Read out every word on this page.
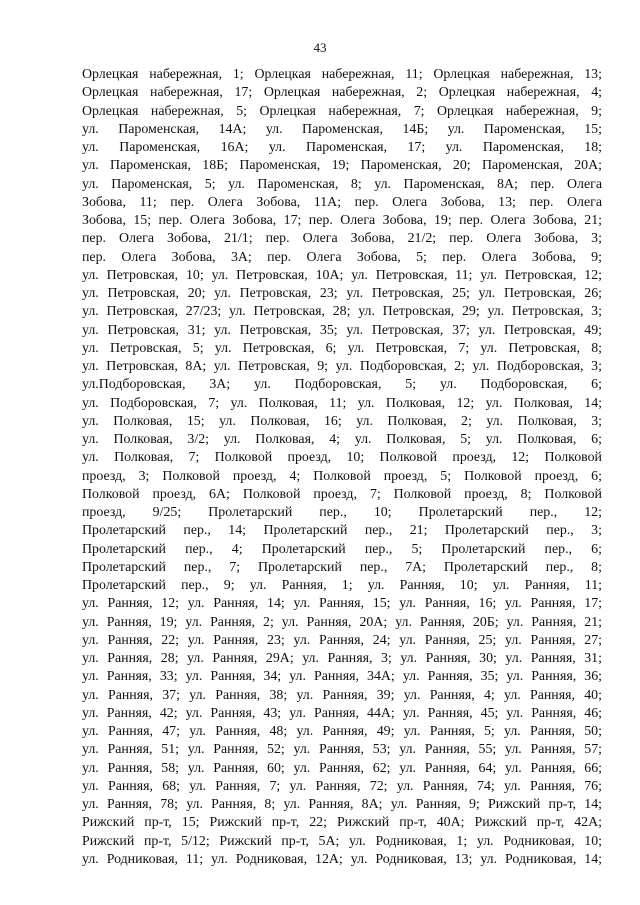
43
Орлецкая набережная, 1; Орлецкая набережная, 11; Орлецкая набережная, 13;
Орлецкая набережная, 17; Орлецкая набережная, 2; Орлецкая набережная, 4;
Орлецкая набережная, 5; Орлецкая набережная, 7; Орлецкая набережная, 9;
ул. Пароменская, 14А; ул. Пароменская, 14Б; ул. Пароменская, 15;
ул. Пароменская, 16А; ул. Пароменская, 17; ул. Пароменская, 18;
ул. Пароменская, 18Б; Пароменская, 19; Пароменская, 20; Пароменская, 20А;
ул. Пароменская, 5; ул. Пароменская, 8; ул. Пароменская, 8А; пер. Олега
Зобова, 11; пер. Олега Зобова, 11А; пер. Олега Зобова, 13; пер. Олега
Зобова, 15; пер. Олега Зобова, 17; пер. Олега Зобова, 19; пер. Олега Зобова, 21;
пер. Олега Зобова, 21/1; пер. Олега Зобова, 21/2; пер. Олега Зобова, 3;
пер. Олега Зобова, 3А; пер. Олега Зобова, 5; пер. Олега Зобова, 9;
ул. Петровская, 10; ул. Петровская, 10А; ул. Петровская, 11; ул. Петровская, 12;
ул. Петровская, 20; ул. Петровская, 23; ул. Петровская, 25; ул. Петровская, 26;
ул. Петровская, 27/23; ул. Петровская, 28; ул. Петровская, 29; ул. Петровская, 3;
ул. Петровская, 31; ул. Петровская, 35; ул. Петровская, 37; ул. Петровская, 49;
ул. Петровская, 5; ул. Петровская, 6; ул. Петровская, 7; ул. Петровская, 8;
ул. Петровская, 8А; ул. Петровская, 9; ул. Подборовская, 2; ул. Подборовская, 3;
ул.Подборовская, 3А; ул. Подборовская, 5; ул. Подборовская, 6;
ул. Подборовская, 7; ул. Полковая, 11; ул. Полковая, 12; ул. Полковая, 14;
ул. Полковая, 15; ул. Полковая, 16; ул. Полковая, 2; ул. Полковая, 3;
ул. Полковая, 3/2; ул. Полковая, 4; ул. Полковая, 5; ул. Полковая, 6;
ул. Полковая, 7; Полковой проезд, 10; Полковой проезд, 12; Полковой
проезд, 3; Полковой проезд, 4; Полковой проезд, 5; Полковой проезд, 6;
Полковой проезд, 6А; Полковой проезд, 7; Полковой проезд, 8; Полковой
проезд, 9/25; Пролетарский пер., 10; Пролетарский пер., 12;
Пролетарский пер., 14; Пролетарский пер., 21; Пролетарский пер., 3;
Пролетарский пер., 4; Пролетарский пер., 5; Пролетарский пер., 6;
Пролетарский пер., 7; Пролетарский пер., 7А; Пролетарский пер., 8;
Пролетарский пер., 9; ул. Ранняя, 1; ул. Ранняя, 10; ул. Ранняя, 11;
ул. Ранняя, 12; ул. Ранняя, 14; ул. Ранняя, 15; ул. Ранняя, 16; ул. Ранняя, 17;
ул. Ранняя, 19; ул. Ранняя, 2; ул. Ранняя, 20А; ул. Ранняя, 20Б; ул. Ранняя, 21;
ул. Ранняя, 22; ул. Ранняя, 23; ул. Ранняя, 24; ул. Ранняя, 25; ул. Ранняя, 27;
ул. Ранняя, 28; ул. Ранняя, 29А; ул. Ранняя, 3; ул. Ранняя, 30; ул. Ранняя, 31;
ул. Ранняя, 33; ул. Ранняя, 34; ул. Ранняя, 34А; ул. Ранняя, 35; ул. Ранняя, 36;
ул. Ранняя, 37; ул. Ранняя, 38; ул. Ранняя, 39; ул. Ранняя, 4; ул. Ранняя, 40;
ул. Ранняя, 42; ул. Ранняя, 43; ул. Ранняя, 44А; ул. Ранняя, 45; ул. Ранняя, 46;
ул. Ранняя, 47; ул. Ранняя, 48; ул. Ранняя, 49; ул. Ранняя, 5; ул. Ранняя, 50;
ул. Ранняя, 51; ул. Ранняя, 52; ул. Ранняя, 53; ул. Ранняя, 55; ул. Ранняя, 57;
ул. Ранняя, 58; ул. Ранняя, 60; ул. Ранняя, 62; ул. Ранняя, 64; ул. Ранняя, 66;
ул. Ранняя, 68; ул. Ранняя, 7; ул. Ранняя, 72; ул. Ранняя, 74; ул. Ранняя, 76;
ул. Ранняя, 78; ул. Ранняя, 8; ул. Ранняя, 8А; ул. Ранняя, 9; Рижский пр-т, 14;
Рижский пр-т, 15; Рижский пр-т, 22; Рижский пр-т, 40А; Рижский пр-т, 42А;
Рижский пр-т, 5/12; Рижский пр-т, 5А; ул. Родниковая, 1; ул. Родниковая, 10;
ул. Родниковая, 11; ул. Родниковая, 12А; ул. Родниковая, 13; ул. Родниковая, 14;
